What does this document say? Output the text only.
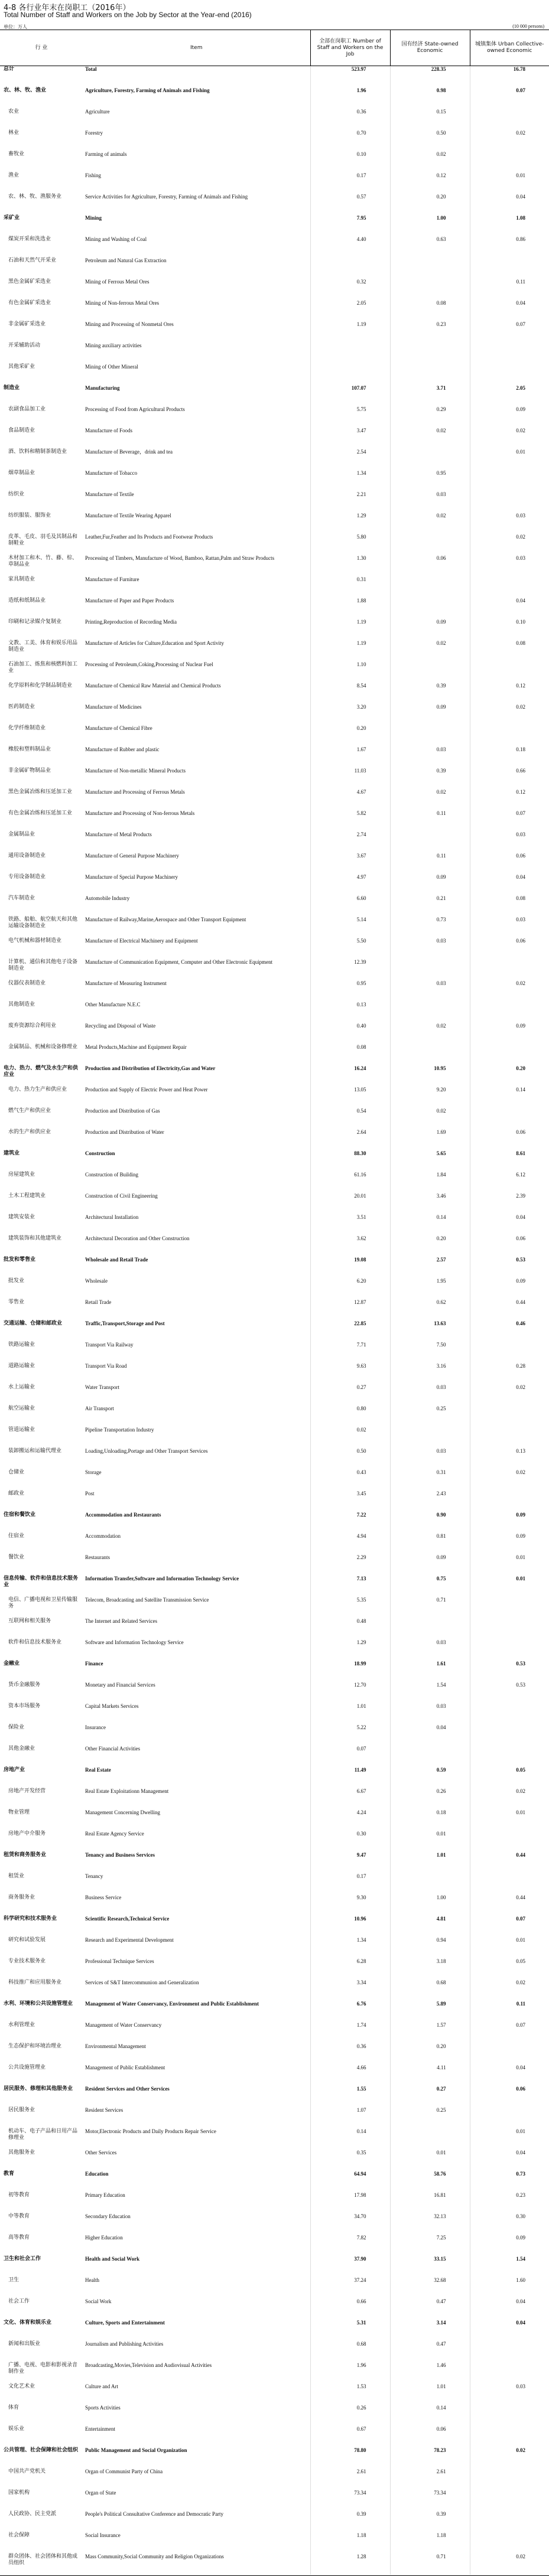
4-8 各行业年末在岗职工（2016年）
Total Number of Staff and Workers on the Job by Sector at the Year-end (2016)
单位：万人	(10 000 persons)
行 业	Item	全部在岗职工 Number of Staff and Workers on the Job	国有经济 State-owned Economic	城镇集体 Urban Collective-owned Economic
总计	Total	523.97	228.35	16.78
农、林、牧、渔业	Agriculture, Forestry, Farming of Animals and Fishing	1.96	0.98	0.07
农业	Agriculture	0.36	0.15	
林业	Forestry	0.70	0.50	0.02
畜牧业	Farming of animals	0.10	0.02	
渔业	Fishing	0.17	0.12	0.01
农、林、牧、渔服务业	Service Activities for Agriculture, Forestry, Farming of Animals and Fishing	0.57	0.20	0.04
采矿业	Mining	7.95	1.00	1.08
煤炭开采和洗选业	Mining and Washing of Coal	4.40	0.63	0.86
石油和天然气开采业	Petroleum and Natural Gas Extraction			
黑色金属矿采选业	Mining of Ferrous Metal Ores	0.32		0.11
有色金属矿采选业	Mining of Non-ferrous Metal Ores	2.05	0.08	0.04
非金属矿采选业	Mining and Processing of Nonmetal Ores	1.19	0.23	0.07
开采辅助活动	Mining auxiliary activities			
其他采矿业	Mining of Other Mineral			
制造业	Manufacturing	107.07	3.71	2.05
农副食品加工业	Processing of Food from Agricultural Products	5.75	0.29	0.09
食品制造业	Manufacture of Foods	3.47	0.02	0.02
酒、饮料和精制茶制造业	Manufacture of Beverage，drink and tea	2.54		0.01
烟草制品业	Manufacture of Tobacco	1.34	0.95	
纺织业	Manufacture of Textile	2.21	0.03	
纺织服装、服饰业	Manufacture of Textile Wearing Apparel	1.29	0.02	0.03
皮革、毛皮、羽毛及其制品和制鞋业	Leather,Fur,Feather and Its Products and Footwear Products	5.80		0.02
木材加工和木、竹、藤、棕、草制品业	Processing of Timbers, Manufacture of Wood, Bamboo, Rattan,Palm and Straw Products	1.30	0.06	0.03
家具制造业	Manufacture of Furniture	0.31		
造纸和纸制品业	Manufacture of Paper and Paper Products	1.88		0.04
印刷和记录媒介复制业	Printing,Reproduction of Recording Media	1.19	0.09	0.10
文教、工美、体育和娱乐用品制造业	Manufacture of Articles for Culture,Education and Sport Activity	1.19	0.02	0.08
石油加工、炼焦和核燃料加工业	Processing of Petroleum,Coking,Processing of Nuclear Fuel	1.10		
化学原料和化学制品制造业	Manufacture of Chemical Raw Material and Chemical Products	8.54	0.39	0.12
医药制造业	Manufacture of Medicines	3.20	0.09	0.02
化学纤维制造业	Manufacture of Chemical Fibre	0.20		
橡胶和塑料制品业	Manufacture of Rubber and plastic	1.67	0.03	0.18
非金属矿物制品业	Manufacture of Non-metallic Mineral Products	11.03	0.39	0.66
黑色金属冶炼和压延加工业	Manufacture and Processing of Ferrous Metals	4.67	0.02	0.12
有色金属冶炼和压延加工业	Manufacture and Processing of Non-ferrous Metals	5.82	0.11	0.07
金属制品业	Manufacture of Metal Products	2.74		0.03
通用设备制造业	Manufacture of General Purpose Machinery	3.67	0.11	0.06
专用设备制造业	Manufacture of Special Purpose Machinery	4.97	0.09	0.04
汽车制造业	Automobile Industry	6.60	0.21	0.08
铁路、船舶、航空航天和其他运输设备制造业	Manufacture of Railway,Marine,Aerospace and Other Transport Equipment	5.14	0.73	0.03
电气机械和器材制造业	Manufacture of Electrical Machinery and Equipment	5.50	0.03	0.06
计算机、通信和其他电子设备制造业	Manufacture of Communication Equipment, Computer and Other Electronic Equipment	12.39		
仪器仪表制造业	Manufacture of Measuring Instrument	0.95	0.03	0.02
其他制造业	Other Manufacture N.E.C	0.13		
废弃资源综合利用业	Recycling and Disposal of Waste	0.40	0.02	0.09
金属制品、机械和设备修理业	Metal Products,Machine and Equipment Repair	0.08		
电力、热力、燃气及水生产和供应业	Production and Distribution of Electricity,Gas and Water	16.24	10.95	0.20
电力、热力生产和供应业	Production and Supply of Electric Power and Heat Power	13.05	9.20	0.14
燃气生产和供应业	Production and Distribution of Gas	0.54	0.02	
水的生产和供应业	Production and Distribution of Water	2.64	1.69	0.06
建筑业	Construction	88.30	5.65	8.61
房屋建筑业	Construction of Building	61.16	1.84	6.12
土木工程建筑业	Construction of Civil Engineering	20.01	3.46	2.39
建筑安装业	Architectural Installation	3.51	0.14	0.04
建筑装饰和其他建筑业	Architectural Decoration and Other Construction	3.62	0.20	0.06
批发和零售业	Wholesale and Retail Trade	19.08	2.57	0.53
批发业	Wholesale	6.20	1.95	0.09
零售业	Retail Trade	12.87	0.62	0.44
交通运输、仓储和邮政业	Traffic,Transport,Storage and Post	22.85	13.63	0.46
铁路运输业	Transport Via Railway	7.71	7.50	
道路运输业	Transport Via Road	9.63	3.16	0.28
水上运输业	Water Transport	0.27	0.03	0.02
航空运输业	Air Transport	0.80	0.25	
管道运输业	Pipeline Transportation Industry	0.02		
装卸搬运和运输代理业	Loading,Unloading,Portage and Other Transport Services	0.50	0.03	0.13
仓储业	Storage	0.43	0.31	0.02
邮政业	Post	3.45	2.43	
住宿和餐饮业	Accommodation and Restaurants	7.22	0.90	0.09
住宿业	Accommodation	4.94	0.81	0.09
餐饮业	Restaurants	2.29	0.09	0.01
信息传输、软件和信息技术服务业	Information Transfer,Software and Information Technology Service	7.13	0.75	0.01
电信、广播电视和卫星传输服务	Telecom, Broadcasting and Satellite Transmission Service	5.35	0.71	
互联网和相关服务	The Internet and Related Services	0.48		
软件和信息技术服务业	Software and Information Technology Service	1.29	0.03	
金融业	Finance	18.99	1.61	0.53
货币金融服务	Monetary and Financial Services	12.70	1.54	0.53
资本市场服务	Capital Markets Services	1.01	0.03	
保险业	Insurance	5.22	0.04	
其他金融业	Other Financial Activities	0.07		
房地产业	Real Estate	11.49	0.59	0.05
房地产开发经营	Real Estate Exploitationn Management	6.67	0.26	0.02
物业管理	Management Concerning Dwelling	4.24	0.18	0.01
房地产中介服务	Real Estate Agency Service	0.30	0.01	
租赁和商务服务业	Tenancy and Business Services	9.47	1.01	0.44
租赁业	Tenancy	0.17		
商务服务业	Business Service	9.30	1.00	0.44
科学研究和技术服务业	Scientific Research,Technical Service	10.96	4.81	0.07
研究和试验发展	Research and Experimental Development	1.34	0.94	0.01
专业技术服务业	Professional Technique Services	6.28	3.18	0.05
科技推广和应用服务业	Services of S&T Intercommunion and Generalization	3.34	0.68	0.02
水利、环境和公共设施管理业	Management of Water Conservancy, Environment and Public Establishment	6.76	5.89	0.11
水利管理业	Management of Water Conservancy	1.74	1.57	0.07
生态保护和环境治理业	Environmental Management	0.36	0.20	
公共设施管理业	Management of Public Establishment	4.66	4.11	0.04
居民服务、修理和其他服务业	Resident Services and Other Services	1.55	0.27	0.06
居民服务业	Resident Services	1.07	0.25	
机动车、电子产品和日用产品修理业	Motor,Electronic Products and Daily Products Repair Service	0.14		0.01
其他服务业	Other Services	0.35	0.01	0.04
教育	Education	64.94	58.76	0.73
初等教育	Primary Education	17.98	16.81	0.23
中等教育	Secondary Education	34.70	32.13	0.30
高等教育	Higher Education	7.82	7.25	0.09
卫生和社会工作	Health and Social Work	37.90	33.15	1.54
卫生	Health	37.24	32.68	1.60
社会工作	Social Work	0.66	0.47	0.04
文化、体育和娱乐业	Culture, Sports and Entertainment	5.31	3.14	0.04
新闻和出版业	Journalism and Publishing Activities	0.68	0.47	
广播、电视、电影和影视录音制作业	Broadcasting,Movies,Television and Audiovisual Activities	1.96	1.46	
文化艺术业	Culture and Art	1.53	1.01	0.03
体育	Sports Activities	0.26	0.14	
娱乐业	Entertainment	0.67	0.06	
公共管理、社会保障和社会组织	Public Management and Social Organization	78.80	78.23	0.02
中国共产党机关	Organ of Communist Party of China	2.61	2.61	
国家机构	Organ of State	73.34	73.34	
人民政协、民主党派	People's Political Consultative Conference and Democratic Party	0.39	0.39	
社会保障	Social Insurance	1.18	1.18	
群众团体、社会团体和其他成员组织	Mass Community,Social Community and Religion Organizations	1.28	0.71	0.02
